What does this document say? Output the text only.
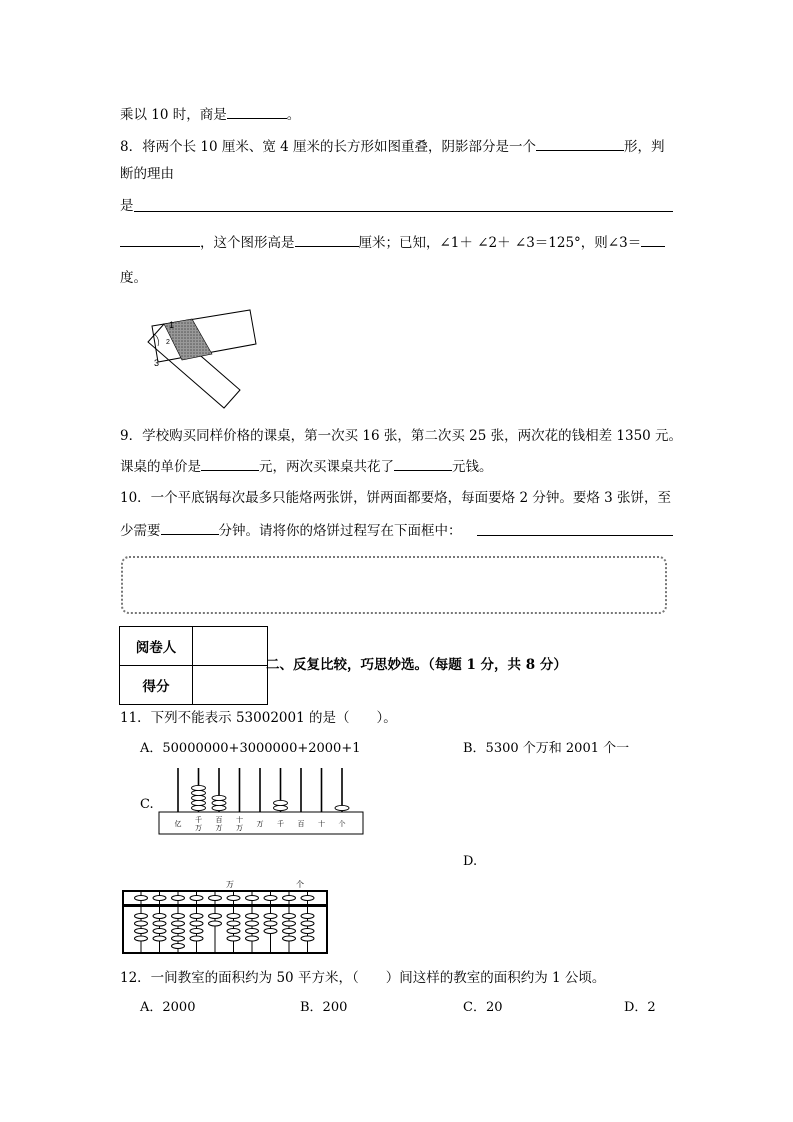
乘以 10 时，商是	。
8．将两个长 10 厘米、宽 4 厘米的长方形如图重叠，阴影部分是一个	形，判
断的理由
是
，这个图形高是	厘米；已知，∠1＋ ∠2＋ ∠3＝125°，则∠3＝
度。
1
2
3
9．学校购买同样价格的课桌，第一次买 16 张，第二次买 25 张，两次花的钱相差 1350 元。
课桌的单价是	元，两次买课桌共花了	元钱。
10．一个平底锅每次最多只能烙两张饼，饼两面都要烙，每面要烙 2 分钟。要烙 3 张饼，至
少需要	分钟。请将你的烙饼过程写在下面框中：
阅卷人	
得分	
二、反复比较，巧思妙选。（每题 1 分，共 8 分）
11．下列不能表示 53002001 的是（　　）。
A．50000000+3000000+2000+1	B．5300 个万和 2001 个一
C.
D.
亿 千
万
百
万
十
万 万 千 百 十 个
万	个
12．一间教室的面积约为 50 平方米，（　　）间这样的教室的面积约为 1 公顷。
A．2000	B．200	C．20	D．2
